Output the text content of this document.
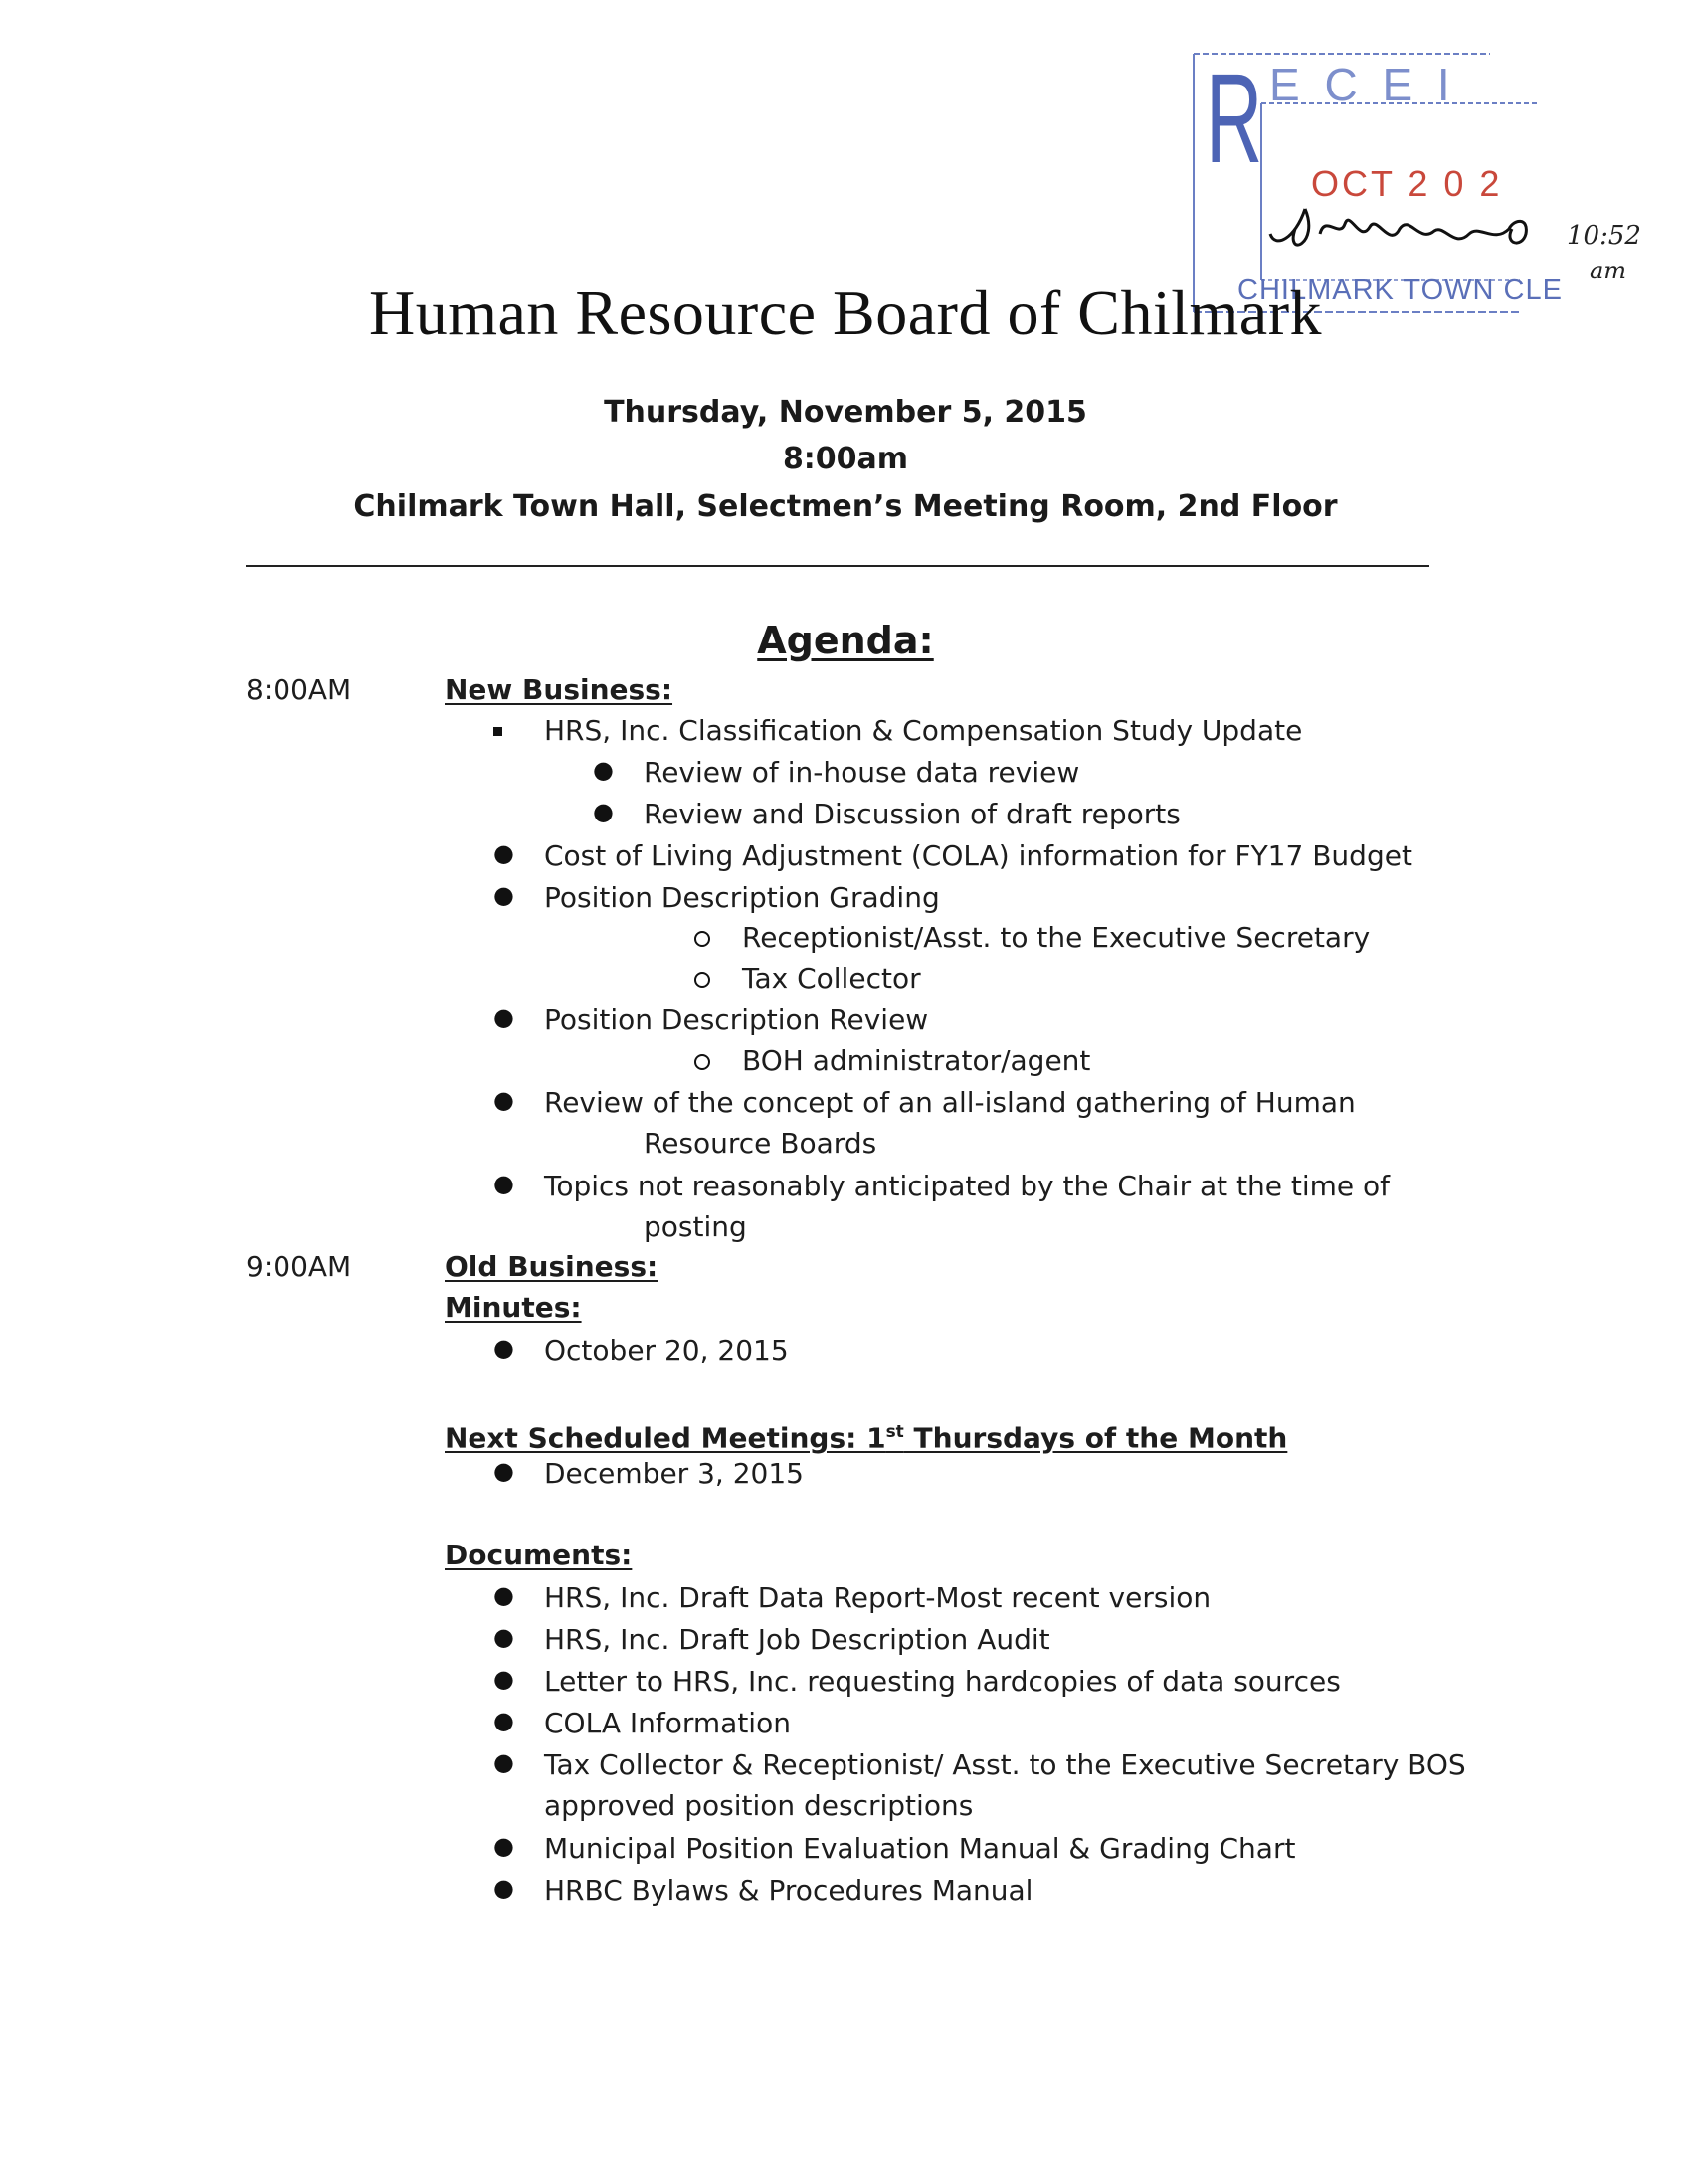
R E C E I
OCT 2 0 2
CHILMARK TOWN CLE
10:52
am
Human Resource Board of Chilmark
Thursday, November 5, 2015
8:00am
Chilmark Town Hall, Selectmen’s Meeting Room, 2nd Floor
Agenda:
8:00AM	New Business:
HRS, Inc. Classification & Compensation Study Update
● Review of in-house data review
● Review and Discussion of draft reports
● Cost of Living Adjustment (COLA) information for FY17 Budget
● Position Description Grading
Receptionist/Asst. to the Executive Secretary
Tax Collector
● Position Description Review
BOH administrator/agent
● Review of the concept of an all-island gathering of Human
Resource Boards
● Topics not reasonably anticipated by the Chair at the time of
posting
9:00AM	Old Business:
Minutes:
● October 20, 2015
Next Scheduled Meetings: 1st Thursdays of the Month
● December 3, 2015
Documents:
● HRS, Inc. Draft Data Report-Most recent version
● HRS, Inc. Draft Job Description Audit
● Letter to HRS, Inc. requesting hardcopies of data sources
● COLA Information
● Tax Collector & Receptionist/ Asst. to the Executive Secretary BOS
approved position descriptions
● Municipal Position Evaluation Manual & Grading Chart
● HRBC Bylaws & Procedures Manual
